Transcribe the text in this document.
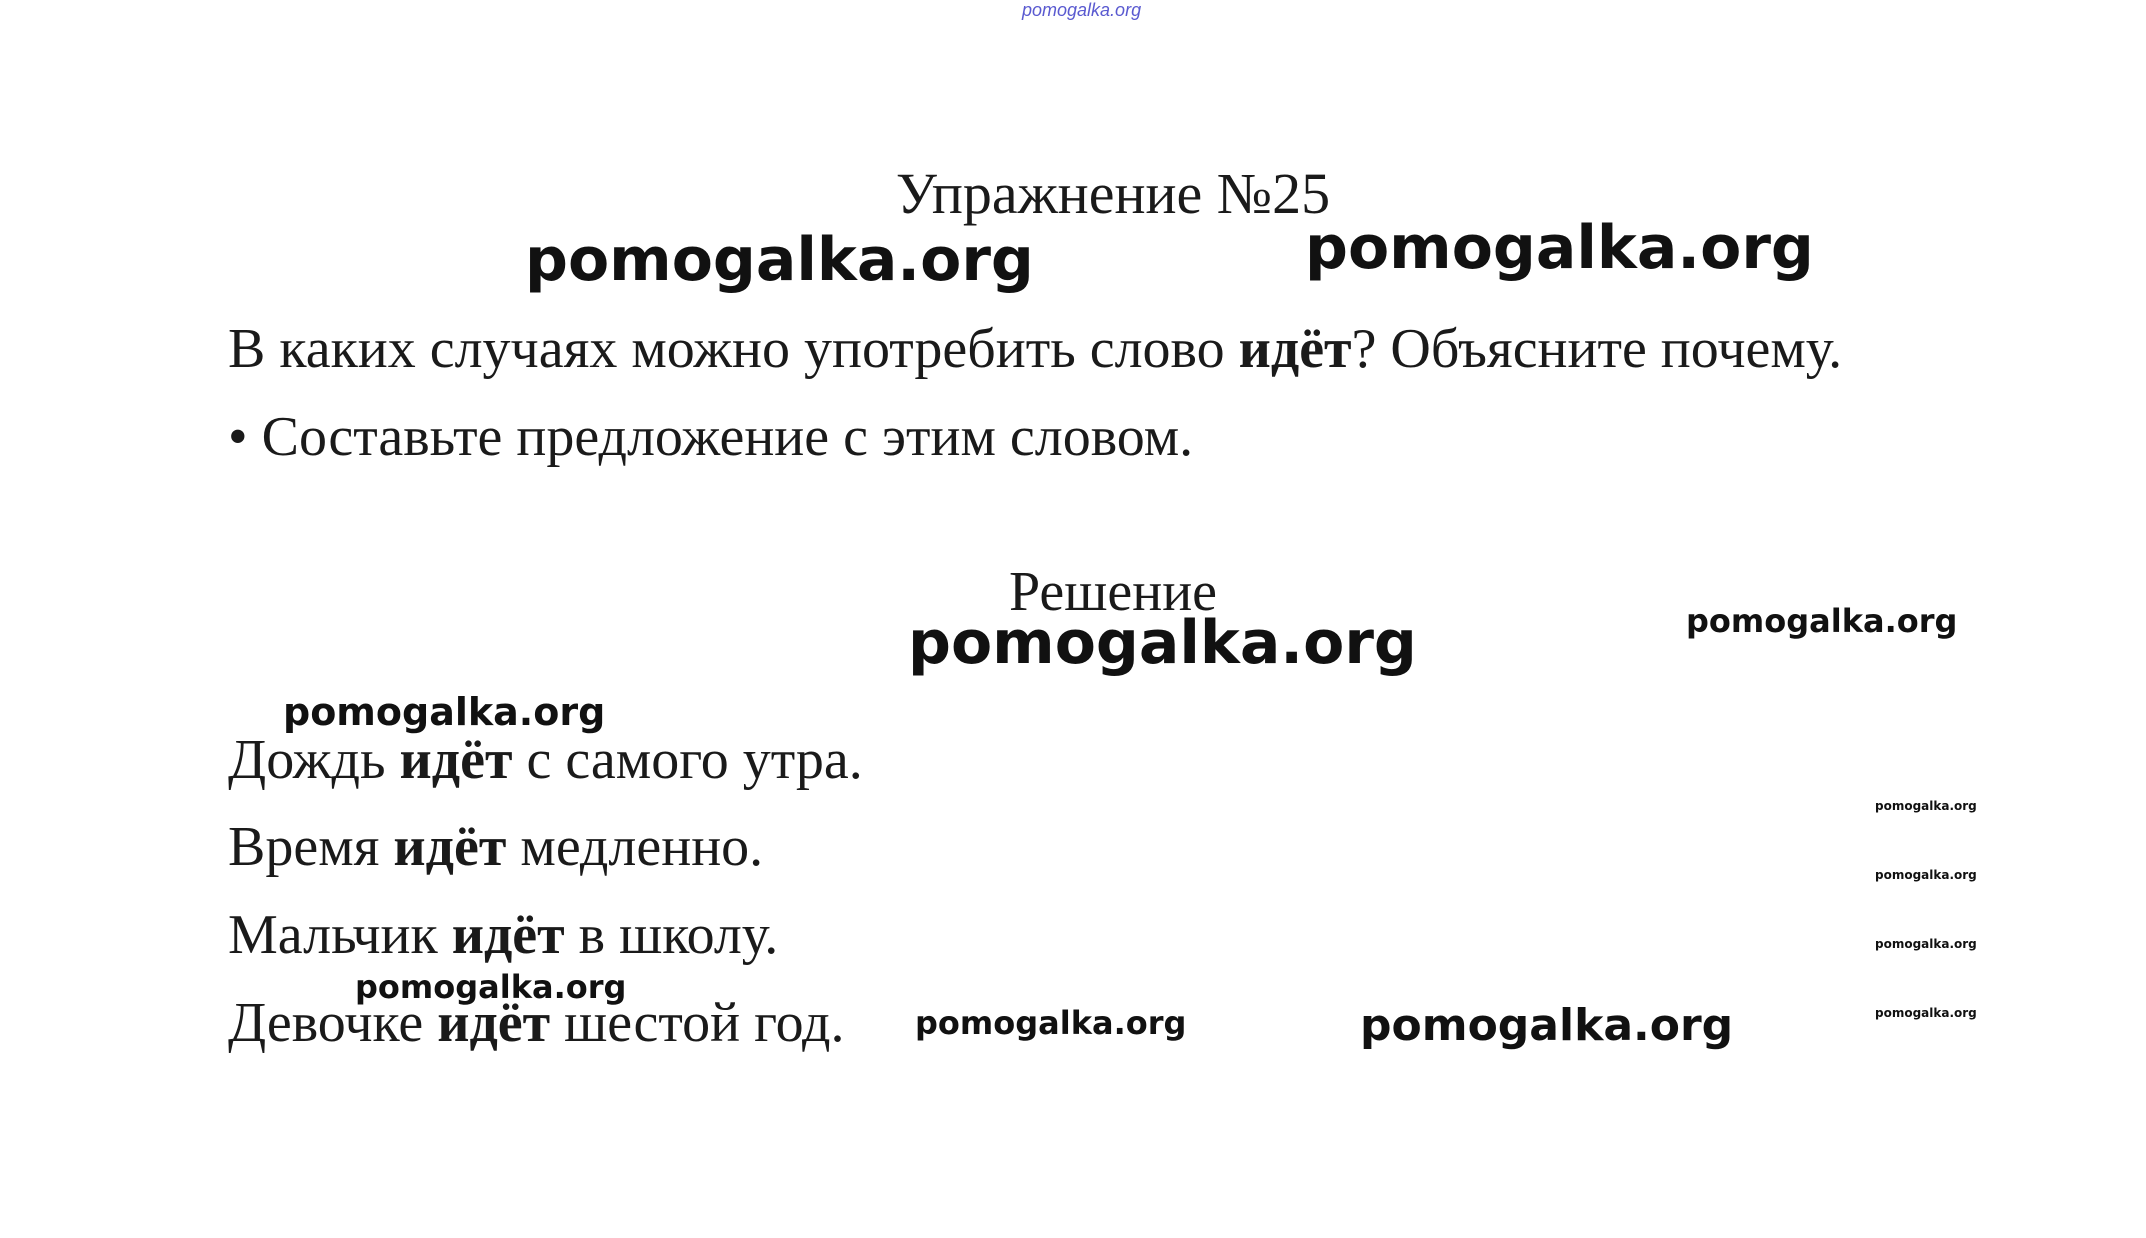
pomogalka.org
Упражнение №25
pomogalka.org	pomogalka.org

В каких случаях можно употребить слово идёт? Объясните почему.

• Составьте предложение с этим словом.

Решение
pomogalka.org	pomogalka.org
pomogalka.org

Дождь идёт с самого утра.

Время идёт медленно.

Мальчик идёт в школу.

Девочке идёт шестой год.

pomogalka.org
pomogalka.org
pomogalka.org
pomogalka.org
pomogalka.org
pomogalka.org	pomogalka.org
